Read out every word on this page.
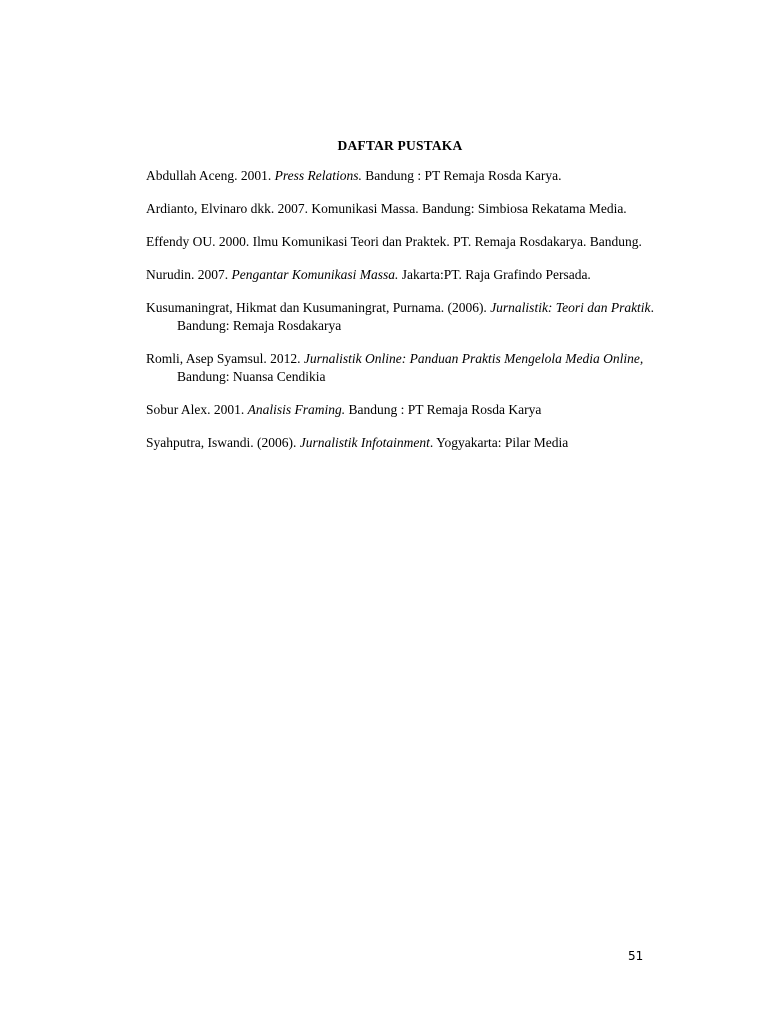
DAFTAR PUSTAKA
Abdullah Aceng. 2001. Press Relations. Bandung : PT Remaja Rosda Karya.
Ardianto, Elvinaro dkk. 2007. Komunikasi Massa. Bandung: Simbiosa Rekatama Media.
Effendy OU. 2000. Ilmu Komunikasi Teori dan Praktek. PT. Remaja Rosdakarya. Bandung.
Nurudin. 2007. Pengantar Komunikasi Massa. Jakarta:PT. Raja Grafindo Persada.
Kusumaningrat, Hikmat dan Kusumaningrat, Purnama. (2006). Jurnalistik: Teori dan Praktik. Bandung: Remaja Rosdakarya
Romli, Asep Syamsul. 2012. Jurnalistik Online: Panduan Praktis Mengelola Media Online, Bandung: Nuansa Cendikia
Sobur Alex. 2001. Analisis Framing. Bandung : PT Remaja Rosda Karya
Syahputra, Iswandi. (2006). Jurnalistik Infotainment. Yogyakarta: Pilar Media
51
